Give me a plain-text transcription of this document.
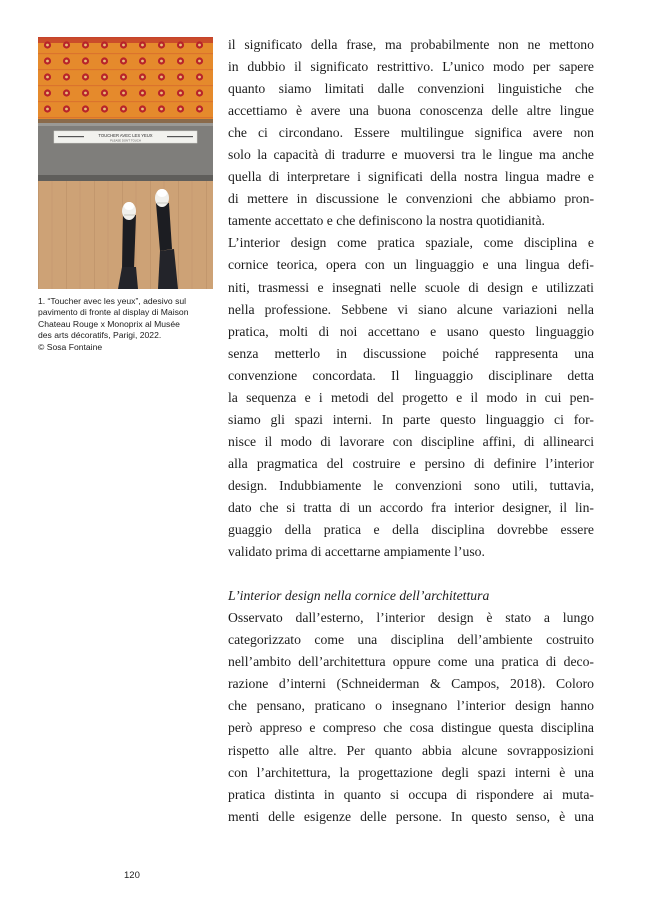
TOUCHER AVEC LES YEUX
PLEASE DON'T TOUCH
1. “Toucher avec les yeux”, adesivo sul
pavimento di fronte al display di Maison
Chateau Rouge x Monoprix al Musée
des arts décoratifs, Parigi, 2022.
© Sosa Fontaine
il significato della frase, ma probabilmente non ne mettono
in dubbio il significato restrittivo. L’unico modo per sapere
quanto siamo limitati dalle convenzioni linguistiche che
accettiamo è avere una buona conoscenza delle altre lingue
che ci circondano. Essere multilingue significa avere non
solo la capacità di tradurre e muoversi tra le lingue ma anche
quella di interpretare i significati della nostra lingua madre e
di mettere in discussione le convenzioni che abbiamo pron-
tamente accettato e che definiscono la nostra quotidianità.
L’interior design come pratica spaziale, come disciplina e
cornice teorica, opera con un linguaggio e una lingua defi-
niti, trasmessi e insegnati nelle scuole di design e utilizzati
nella professione. Sebbene vi siano alcune variazioni nella
pratica, molti di noi accettano e usano questo linguaggio
senza metterlo in discussione poiché rappresenta una
convenzione concordata. Il linguaggio disciplinare detta
la sequenza e i metodi del progetto e il modo in cui pen-
siamo gli spazi interni. In parte questo linguaggio ci for-
nisce il modo di lavorare con discipline affini, di allinearci
alla pragmatica del costruire e persino di definire l’interior
design. Indubbiamente le convenzioni sono utili, tuttavia,
dato che si tratta di un accordo fra interior designer, il lin-
guaggio della pratica e della disciplina dovrebbe essere
validato prima di accettarne ampiamente l’uso.
L’interior design nella cornice dell’architettura
Osservato dall’esterno, l’interior design è stato a lungo
categorizzato come una disciplina dell’ambiente costruito
nell’ambito dell’architettura oppure come una pratica di deco-
razione d’interni (Schneiderman & Campos, 2018). Coloro
che pensano, praticano o insegnano l’interior design hanno
però appreso e compreso che cosa distingue questa disciplina
rispetto alle altre. Per quanto abbia alcune sovrapposizioni
con l’architettura, la progettazione degli spazi interni è una
pratica distinta in quanto si occupa di rispondere ai muta-
menti delle esigenze delle persone. In questo senso, è una
120
